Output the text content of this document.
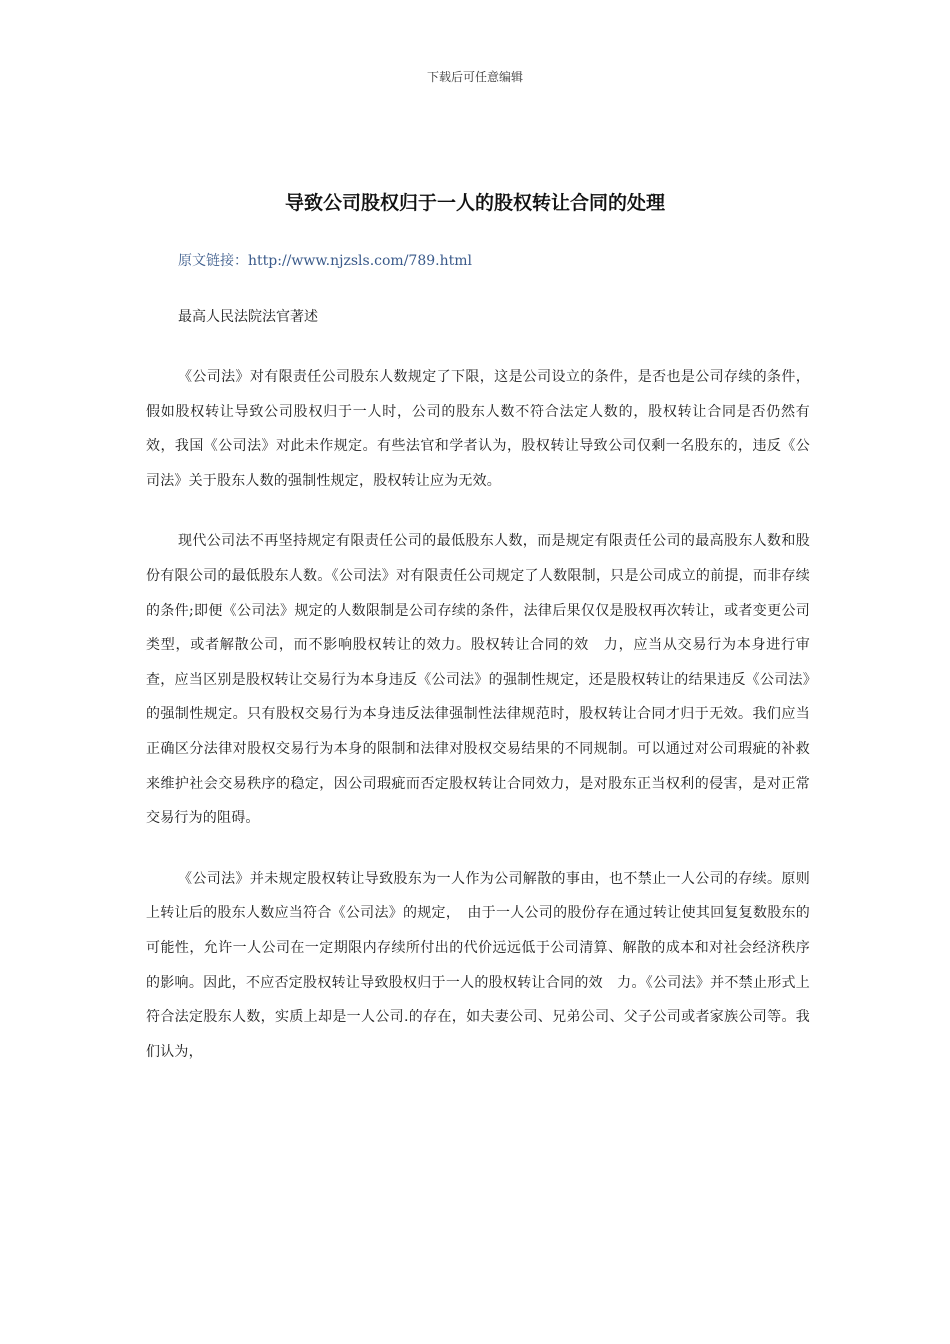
下载后可任意编辑
导致公司股权归于一人的股权转让合同的处理
原文链接：http://www.njzsls.com/789.html
最高人民法院法官著述

《公司法》对有限责任公司股东人数规定了下限，这是公司设立的条件，是否也是公司存续的条件，假如股权转让导致公司股权归于一人时，公司的股东人数不符合法定人数的，股权转让合同是否仍然有效，我国《公司法》对此未作规定。有些法官和学者认为，股权转让导致公司仅剩一名股东的，违反《公司法》关于股东人数的强制性规定，股权转让应为无效。

现代公司法不再坚持规定有限责任公司的最低股东人数，而是规定有限责任公司的最高股东人数和股份有限公司的最低股东人数。《公司法》对有限责任公司规定了人数限制，只是公司成立的前提，而非存续的条件;即便《公司法》规定的人数限制是公司存续的条件，法律后果仅仅是股权再次转让，或者变更公司类型，或者解散公司，而不影响股权转让的效力。股权转让合同的效　力，应当从交易行为本身进行审查，应当区别是股权转让交易行为本身违反《公司法》的强制性规定，还是股权转让的结果违反《公司法》的强制性规定。只有股权交易行为本身违反法律强制性法律规范时，股权转让合同才归于无效。我们应当正确区分法律对股权交易行为本身的限制和法律对股权交易结果的不同规制。可以通过对公司瑕疵的补救来维护社会交易秩序的稳定，因公司瑕疵而否定股权转让合同效力，是对股东正当权利的侵害，是对正常交易行为的阻碍。

《公司法》并未规定股权转让导致股东为一人作为公司解散的事由，也不禁止一人公司的存续。原则上转让后的股东人数应当符合《公司法》的规定，　由于一人公司的股份存在通过转让使其回复复数股东的可能性，允许一人公司在一定期限内存续所付出的代价远远低于公司清算、解散的成本和对社会经济秩序的影响。因此，不应否定股权转让导致股权归于一人的股权转让合同的效　力。《公司法》并不禁止形式上符合法定股东人数，实质上却是一人公司.的存在，如夫妻公司、兄弟公司、父子公司或者家族公司等。我们认为，
